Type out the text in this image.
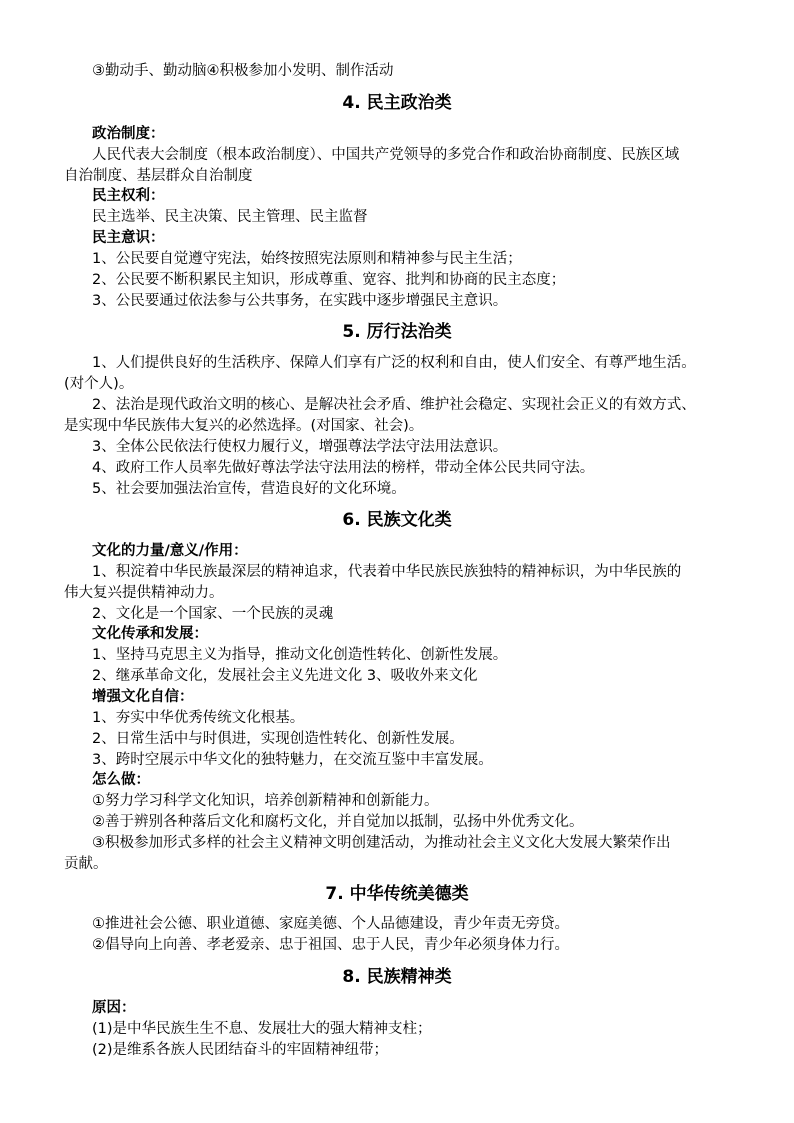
③勤动手、勤动脑④积极参加小发明、制作活动
4. 民主政治类
政治制度：
人民代表大会制度（根本政治制度）、中国共产党领导的多党合作和政治协商制度、民族区域
自治制度、基层群众自治制度
民主权利：
民主选举、民主决策、民主管理、民主监督
民主意识：
1、公民要自觉遵守宪法，始终按照宪法原则和精神参与民主生活；
2、公民要不断积累民主知识，形成尊重、宽容、批判和协商的民主态度；
3、公民要通过依法参与公共事务，在实践中逐步增强民主意识。
5. 厉行法治类
1、人们提供良好的生活秩序、保障人们享有广泛的权利和自由，使人们安全、有尊严地生活。
(对个人)。
2、法治是现代政治文明的核心、是解决社会矛盾、维护社会稳定、实现社会正义的有效方式、
是实现中华民族伟大复兴的必然选择。(对国家、社会)。
3、全体公民依法行使权力履行义，增强尊法学法守法用法意识。
4、政府工作人员率先做好尊法学法守法用法的榜样，带动全体公民共同守法。
5、社会要加强法治宣传，营造良好的文化环境。
6. 民族文化类
文化的力量/意义/作用：
1、积淀着中华民族最深层的精神追求，代表着中华民族民族独特的精神标识，为中华民族的
伟大复兴提供精神动力。
2、文化是一个国家、一个民族的灵魂
文化传承和发展：
1、坚持马克思主义为指导，推动文化创造性转化、创新性发展。
2、继承革命文化，发展社会主义先进文化 3、吸收外来文化
增强文化自信：
1、夯实中华优秀传统文化根基。
2、日常生活中与时俱进，实现创造性转化、创新性发展。
3、跨时空展示中华文化的独特魅力，在交流互鉴中丰富发展。
怎么做：
①努力学习科学文化知识，培养创新精神和创新能力。
②善于辨别各种落后文化和腐朽文化，并自觉加以抵制，弘扬中外优秀文化。
③积极参加形式多样的社会主义精神文明创建活动，为推动社会主义文化大发展大繁荣作出
贡献。
7. 中华传统美德类
①推进社会公德、职业道德、家庭美德、个人品德建设，青少年责无旁贷。
②倡导向上向善、孝老爱亲、忠于祖国、忠于人民，青少年必须身体力行。
8. 民族精神类
原因：
(1)是中华民族生生不息、发展壮大的强大精神支柱；
(2)是维系各族人民团结奋斗的牢固精神纽带；
